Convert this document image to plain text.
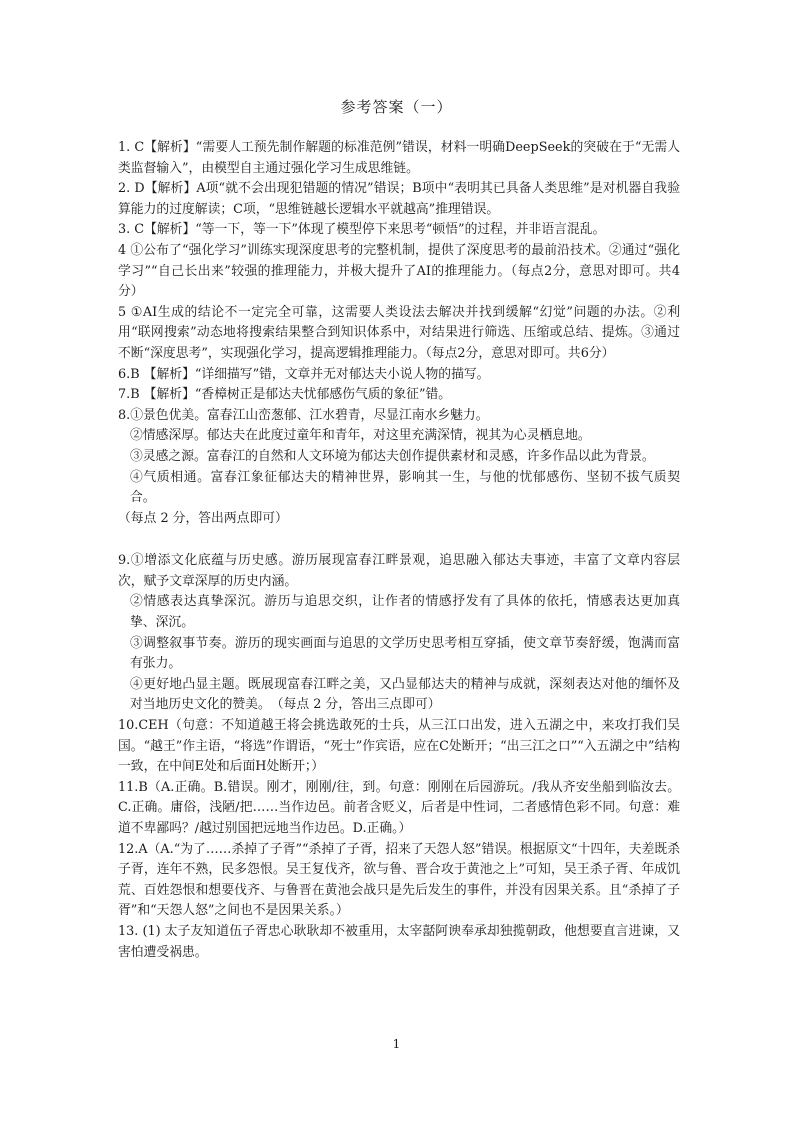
参考答案（一）

1. C【解析】“需要人工预先制作解题的标准范例”错误，材料一明确DeepSeek的突破在于“无需人类监督输入”，由模型自主通过强化学习生成思维链。

2. D【解析】A项“就不会出现犯错题的情况”错误；B项中“表明其已具备人类思维”是对机器自我验算能力的过度解读；C项，“思维链越长逻辑水平就越高”推理错误。

3. C【解析】“等一下，等一下”体现了模型停下来思考“顿悟”的过程，并非语言混乱。

4 ①公布了“强化学习”训练实现深度思考的完整机制，提供了深度思考的最前沿技术。②通过“强化学习”“自己长出来”较强的推理能力，并极大提升了AI的推理能力。（每点2分，意思对即可。共4分）

5 ①AI生成的结论不一定完全可靠，这需要人类设法去解决并找到缓解“幻觉”问题的办法。②利用“联网搜索”动态地将搜索结果整合到知识体系中，对结果进行筛选、压缩或总结、提炼。③通过不断“深度思考”，实现强化学习，提高逻辑推理能力。（每点2分，意思对即可。共6分）

6.B 【解析】“详细描写”错，文章并无对郁达夫小说人物的描写。

7.B 【解析】“香樟树正是郁达夫忧郁感伤气质的象征”错。

8.①景色优美。富春江山峦葱郁、江水碧青，尽显江南水乡魅力。

②情感深厚。郁达夫在此度过童年和青年，对这里充满深情，视其为心灵栖息地。

③灵感之源。富春江的自然和人文环境为郁达夫创作提供素材和灵感，许多作品以此为背景。

④气质相通。富春江象征郁达夫的精神世界，影响其一生，与他的忧郁感伤、坚韧不拔气质契合。

（每点 2 分，答出两点即可）

9.①增添文化底蕴与历史感。游历展现富春江畔景观，追思融入郁达夫事迹，丰富了文章内容层次，赋予文章深厚的历史内涵。

②情感表达真挚深沉。游历与追思交织，让作者的情感抒发有了具体的依托，情感表达更加真挚、深沉。

③调整叙事节奏。游历的现实画面与追思的文学历史思考相互穿插，使文章节奏舒缓，饱满而富有张力。

④更好地凸显主题。既展现富春江畔之美，又凸显郁达夫的精神与成就，深刻表达对他的缅怀及对当地历史文化的赞美。　（每点 2 分，答出三点即可）

10.CEH（句意：不知道越王将会挑选敢死的士兵，从三江口出发，进入五湖之中，来攻打我们吴国。“越王”作主语，“将选”作谓语，“死士”作宾语，应在C处断开；“出三江之口”“入五湖之中”结构一致，在中间E处和后面H处断开；）

11.B（A.正确。B.错误。刚才，刚刚/往，到。句意：刚刚在后园游玩。/我从齐安坐船到临汝去。C.正确。庸俗，浅陋/把……当作边邑。前者含贬义，后者是中性词，二者感情色彩不同。句意：难道不卑鄙吗？/越过别国把远地当作边邑。D.正确。）

12.A（A.“为了……杀掉了子胥”“杀掉了子胥，招来了天怨人怒”错误。根据原文“十四年，夫差既杀子胥，连年不熟，民多怨恨。吴王复伐齐，欲与鲁、晋合攻于黄池之上”可知，吴王杀子胥、年成饥荒、百姓怨恨和想要伐齐、与鲁晋在黄池会战只是先后发生的事件，并没有因果关系。且“杀掉了子胥”和“天怨人怒”之间也不是因果关系。）

13. (1) 太子友知道伍子胥忠心耿耿却不被重用，太宰嚭阿谀奉承却独揽朝政，他想要直言进谏，又害怕遭受祸患。

1
